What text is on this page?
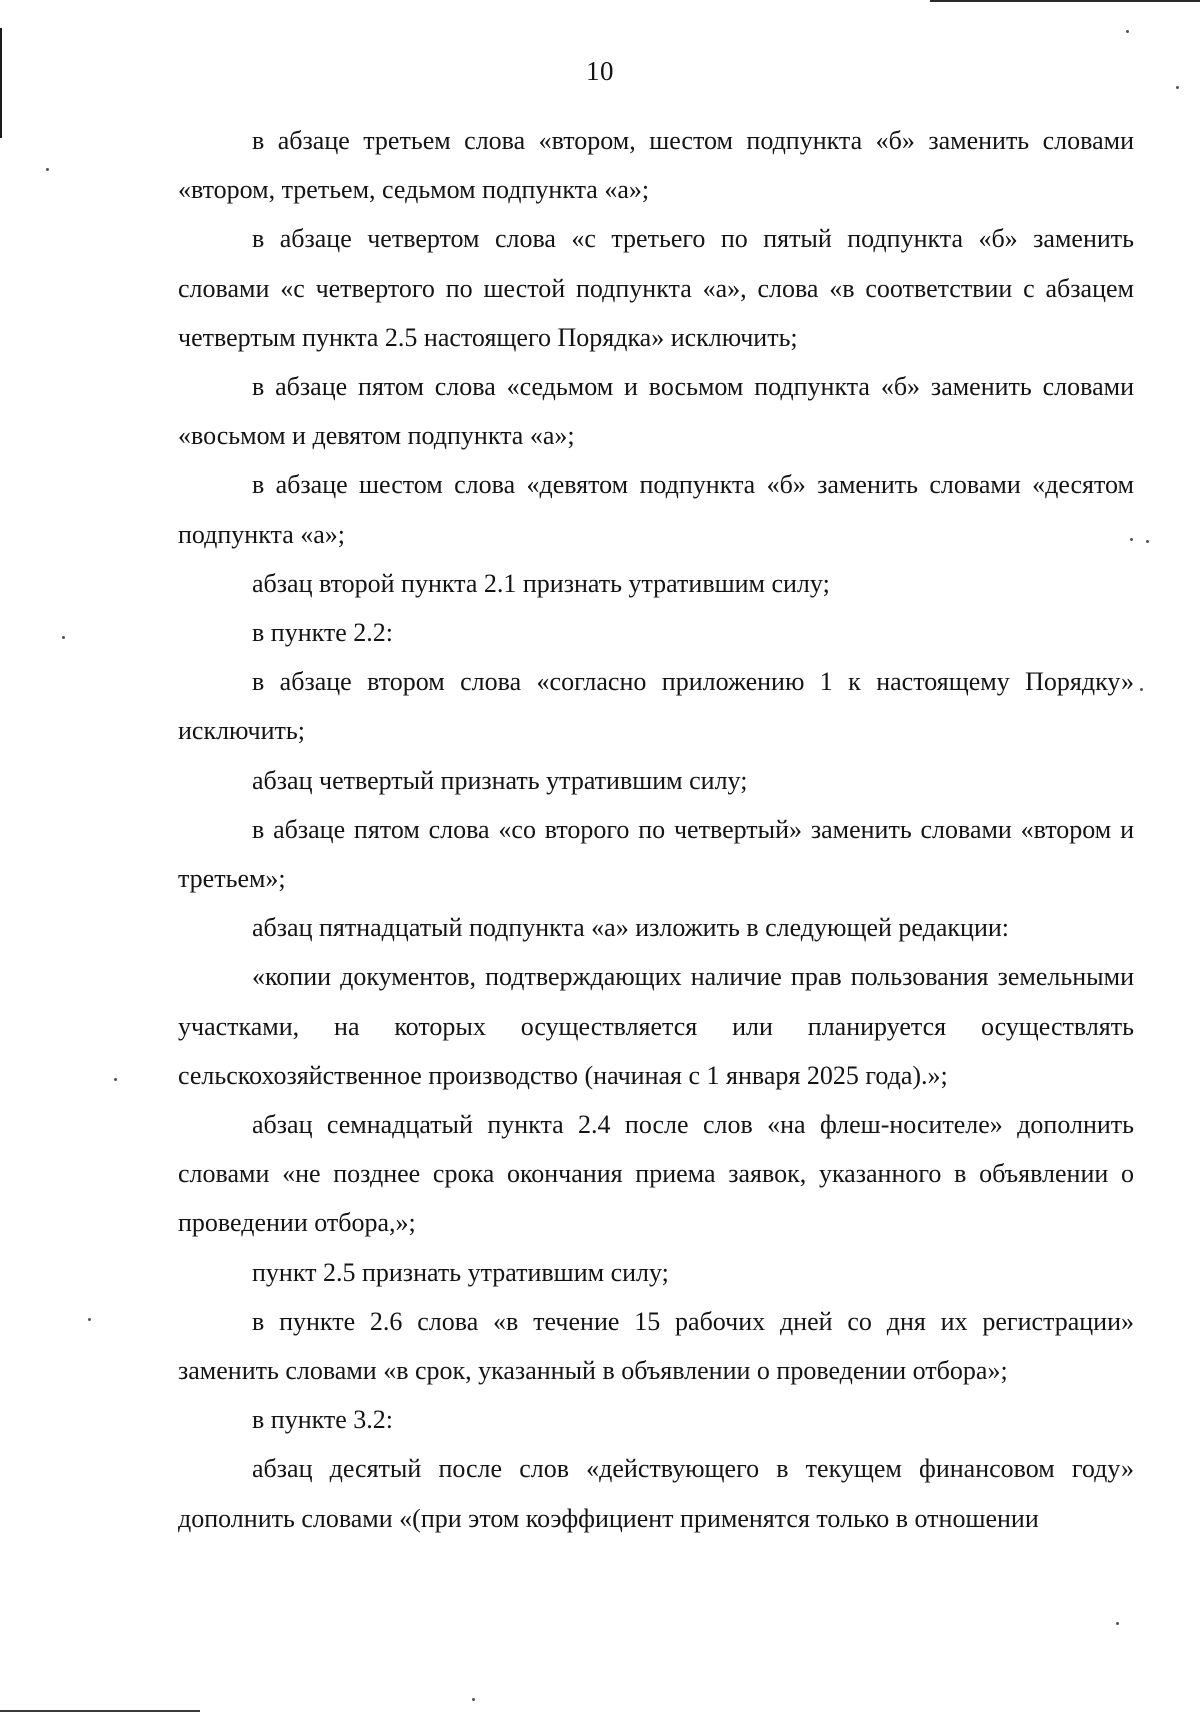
10

в абзаце третьем слова «втором, шестом подпункта «б» заменить словами «втором, третьем, седьмом подпункта «а»;

в абзаце четвертом слова «с третьего по пятый подпункта «б» заменить словами «с четвертого по шестой подпункта «а», слова «в соответствии с абзацем четвертым пункта 2.5 настоящего Порядка» исключить;

в абзаце пятом слова «седьмом и восьмом подпункта «б» заменить словами «восьмом и девятом подпункта «а»;

в абзаце шестом слова «девятом подпункта «б» заменить словами «десятом подпункта «а»;

абзац второй пункта 2.1 признать утратившим силу;

в пункте 2.2:

в абзаце втором слова «согласно приложению 1 к настоящему Порядку» исключить;

абзац четвертый признать утратившим силу;

в абзаце пятом слова «со второго по четвертый» заменить словами «втором и третьем»;

абзац пятнадцатый подпункта «а» изложить в следующей редакции:

«копии документов, подтверждающих наличие прав пользования земельными участками, на которых осуществляется или планируется осуществлять сельскохозяйственное производство (начиная с 1 января 2025 года).»;

абзац семнадцатый пункта 2.4 после слов «на флеш-носителе» дополнить словами «не позднее срока окончания приема заявок, указанного в объявлении о проведении отбора,»;

пункт 2.5 признать утратившим силу;

в пункте 2.6 слова «в течение 15 рабочих дней со дня их регистрации» заменить словами «в срок, указанный в объявлении о проведении отбора»;

в пункте 3.2:

абзац десятый после слов «действующего в текущем финансовом году» дополнить словами «(при этом коэффициент применятся только в отношении
